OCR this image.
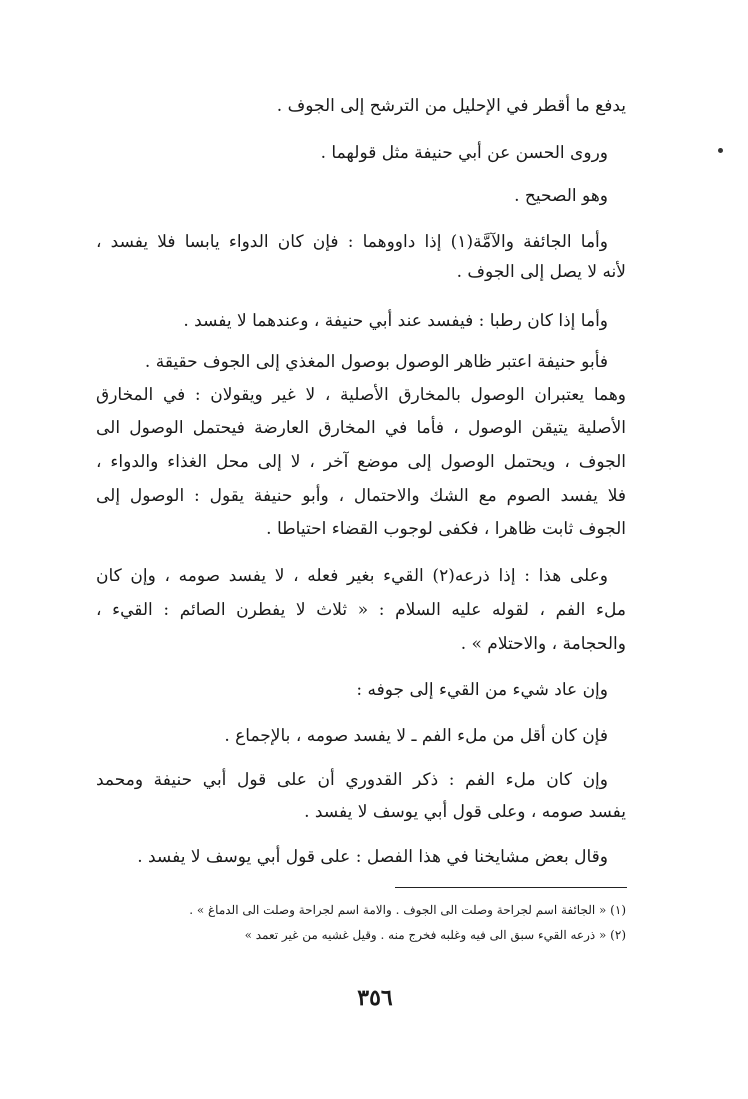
يدفع ما أقطر في الإحليل من الترشح إلى الجوف .
وروى الحسن عن أبي حنيفة مثل قولهما .
وهو الصحيح .
وأما الجائفة والآمَّة(١) إذا داووهما : فإن كان الدواء يابسا فلا يفسد ،
لأنه لا يصل إلى الجوف .
وأما إذا كان رطبا : فيفسد عند أبي حنيفة ، وعندهما لا يفسد .
فأبو حنيفة اعتبر ظاهر الوصول بوصول المغذي إلى الجوف حقيقة .
وهما يعتبران الوصول بالمخارق الأصلية ، لا غير ويقولان : في المخارق
الأصلية يتيقن الوصول ، فأما في المخارق العارضة فيحتمل الوصول الى
الجوف ، ويحتمل الوصول إلى موضع آخر ، لا إلى محل الغذاء والدواء ،
فلا يفسد الصوم مع الشك والاحتمال ، وأبو حنيفة يقول : الوصول إلى
الجوف ثابت ظاهرا ، فكفى لوجوب القضاء احتياطا .
وعلى هذا : إذا ذرعه(٢) القيء بغير فعله ، لا يفسد صومه ، وإن كان
ملء الفم ، لقوله عليه السلام : « ثلاث لا يفطرن الصائم : القيء ،
والحجامة ، والاحتلام » .
وإن عاد شيء من القيء إلى جوفه :
فإن كان أقل من ملء الفم ـ لا يفسد صومه ، بالإجماع .
وإن كان ملء الفم : ذكر القدوري أن على قول أبي حنيفة ومحمد
يفسد صومه ، وعلى قول أبي يوسف لا يفسد .
وقال بعض مشايخنا في هذا الفصل : على قول أبي يوسف لا يفسد .
(١) « الجائفة اسم لجراحة وصلت الى الجوف . والامة اسم لجراحة وصلت الى الدماغ » .
(٢) « ذرعه القيء سبق الى فيه وغلبه فخرج منه . وقيل غشيه من غير تعمد »
٣٥٦
